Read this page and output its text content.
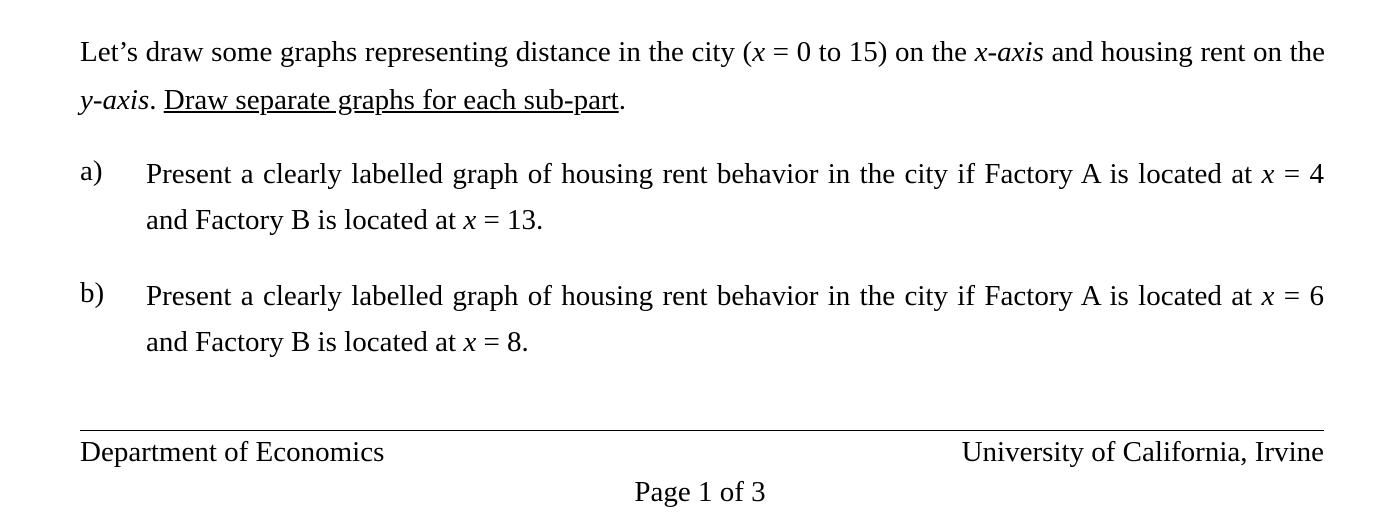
Let’s draw some graphs representing distance in the city (x = 0 to 15) on the x-axis and housing rent on the y-axis. Draw separate graphs for each sub-part.
a) Present a clearly labelled graph of housing rent behavior in the city if Factory A is located at x = 4 and Factory B is located at x = 13.
b) Present a clearly labelled graph of housing rent behavior in the city if Factory A is located at x = 6 and Factory B is located at x = 8.
Department of Economics	University of California, Irvine
Page 1 of 3
